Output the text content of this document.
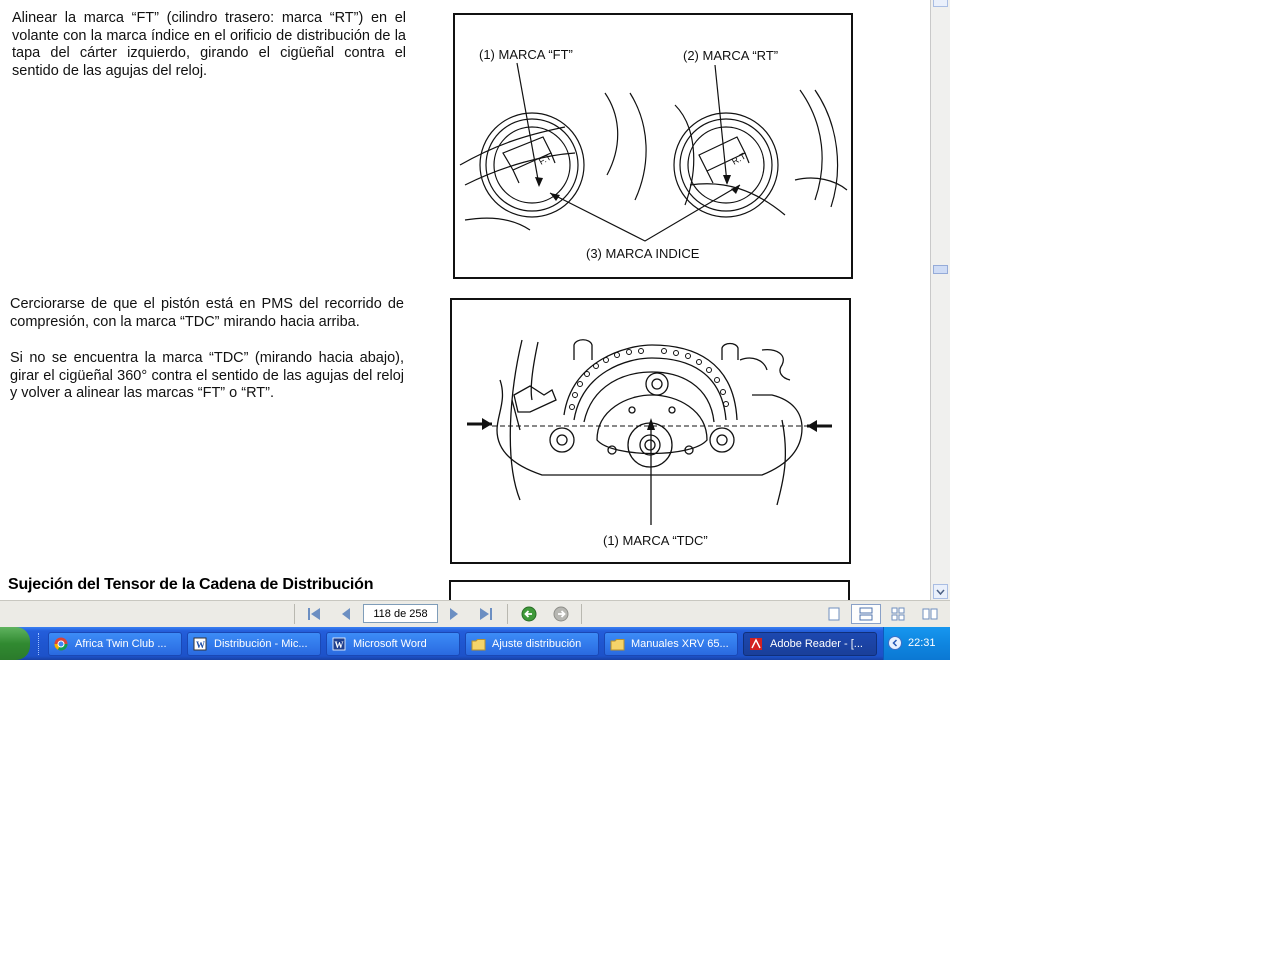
Alinear la marca “FT” (cilindro trasero: marca “RT”) en el volante con la marca índice en el orificio de distribución de la tapa del cárter izquierdo, girando el cigüeñal contra el sentido de las agujas del reloj.

F.T	R.T
(1) MARCA “FT”	(2) MARCA “RT”
(3) MARCA INDICE

Cerciorarse de que el pistón está en PMS del recorrido de compresión, con la marca “TDC” mirando hacia arriba.

Si no se encuentra la marca “TDC” (mirando hacia abajo), girar el cigüeñal 360° contra el sentido de las agujas del reloj y volver a alinear las marcas “FT” o “RT”.

(1) MARCA “TDC”

Sujeción del Tensor de la Cadena de Distribución

118 de 258
Africa Twin Club ...	W Distribución - Mic...	W Microsoft Word	Ajuste distribución	Manuales XRV 65...	Adobe Reader - [...	22:31
